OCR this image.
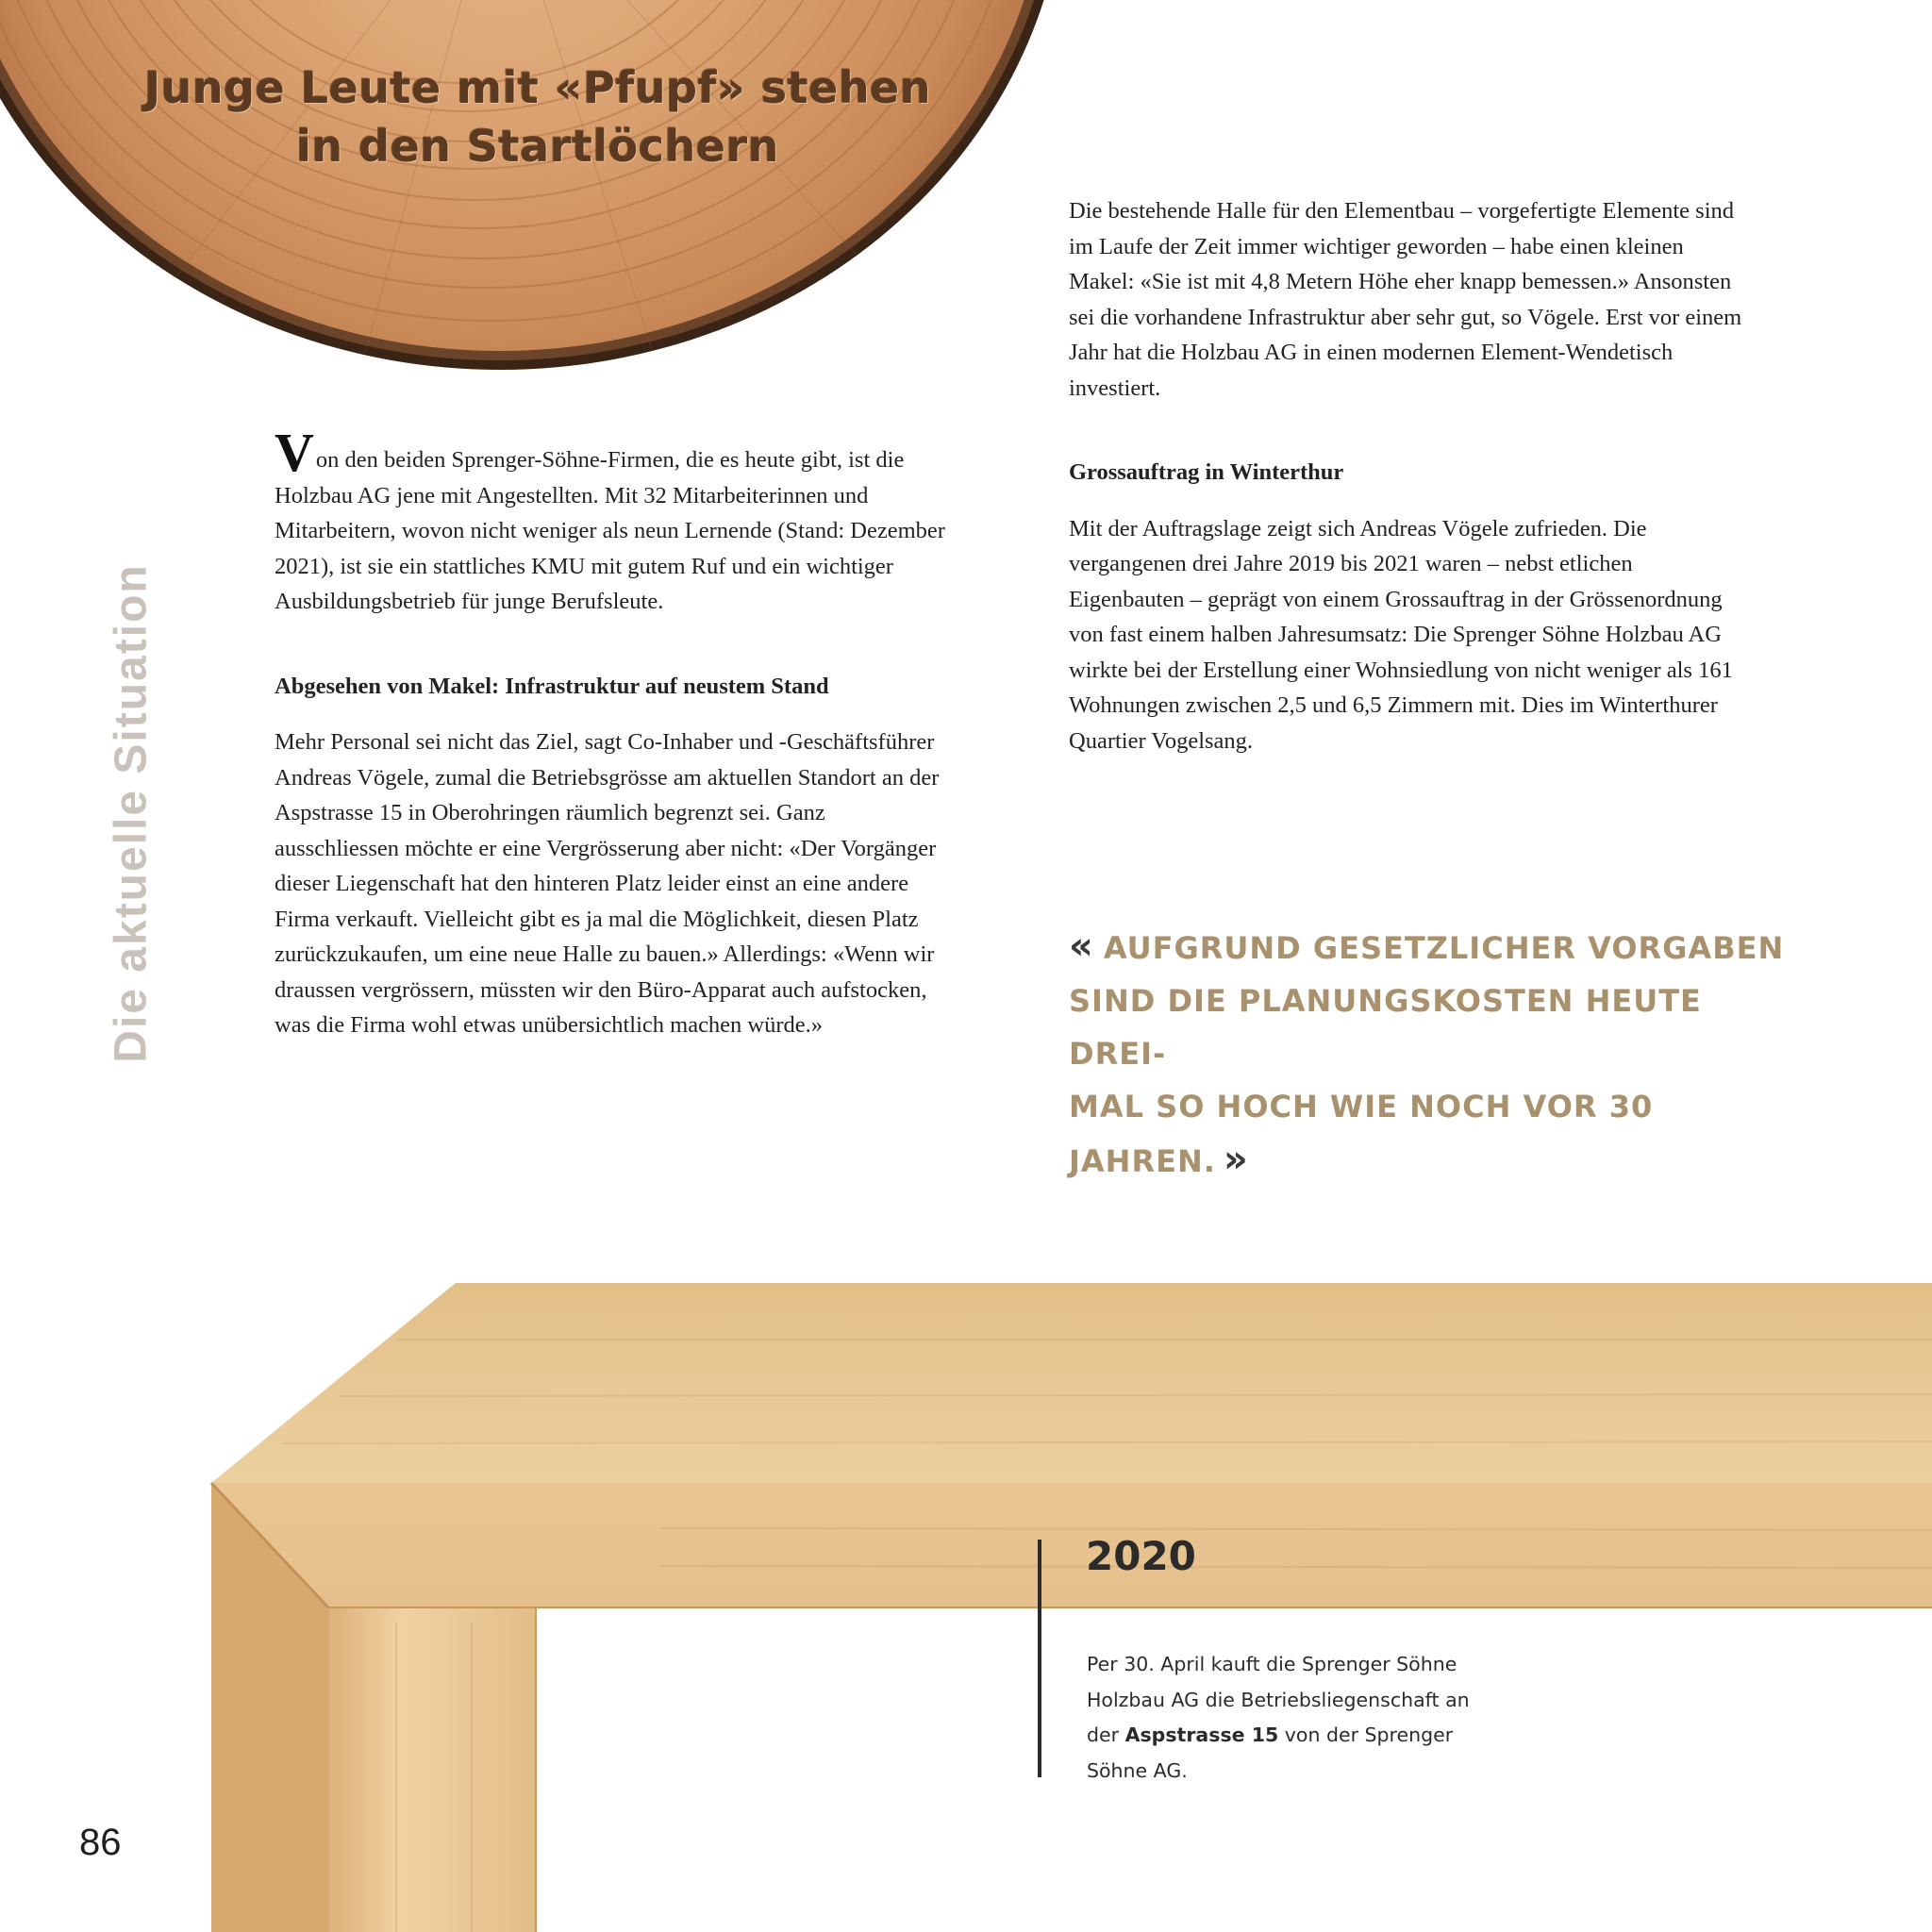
Junge Leute mit «Pfupf» stehen
in den Startlöchern
Die aktuelle Situation

Von den beiden Sprenger-Söhne-Firmen, die es heute gibt, ist die Holzbau AG jene mit Angestellten. Mit 32 Mitarbeiterinnen und Mitarbeitern, wovon nicht weniger als neun Lernende (Stand: Dezember 2021), ist sie ein stattliches KMU mit gutem Ruf und ein wichtiger Ausbildungsbetrieb für junge Berufsleute.

Abgesehen von Makel: Infrastruktur auf neustem Stand

Mehr Personal sei nicht das Ziel, sagt Co-Inhaber und -Geschäftsführer Andreas Vögele, zumal die Betriebsgrösse am aktuellen Standort an der Aspstrasse 15 in Oberohringen räumlich begrenzt sei. Ganz ausschliessen möchte er eine Vergrösserung aber nicht: «Der Vorgänger dieser Liegenschaft hat den hinteren Platz leider einst an eine andere Firma verkauft. Vielleicht gibt es ja mal die Möglichkeit, diesen Platz zurückzukaufen, um eine neue Halle zu bauen.» Allerdings: «Wenn wir draussen vergrössern, müssten wir den Büro-Apparat auch aufstocken, was die Firma wohl etwas unübersichtlich machen würde.»

Die bestehende Halle für den Elementbau – vorgefertigte Elemente sind im Laufe der Zeit immer wichtiger geworden – habe einen kleinen Makel: «Sie ist mit 4,8 Metern Höhe eher knapp bemessen.» Ansonsten sei die vorhandene Infrastruktur aber sehr gut, so Vögele. Erst vor einem Jahr hat die Holzbau AG in einen modernen Element-Wendetisch investiert.

Grossauftrag in Winterthur

Mit der Auftragslage zeigt sich Andreas Vögele zufrieden. Die vergangenen drei Jahre 2019 bis 2021 waren – nebst etlichen Eigenbauten – geprägt von einem Grossauftrag in der Grössenordnung von fast einem halben Jahresumsatz: Die Sprenger Söhne Holzbau AG wirkte bei der Erstellung einer Wohnsiedlung von nicht weniger als 161 Wohnungen zwischen 2,5 und 6,5 Zimmern mit. Dies im Winterthurer Quartier Vogelsang.

« AUFGRUND GESETZLICHER VORGABEN
SIND DIE PLANUNGSKOSTEN HEUTE DREI-
MAL SO HOCH WIE NOCH VOR 30 JAHREN. »
2020

Per 30. April kauft die Sprenger Söhne Holzbau AG die Betriebsliegenschaft an der Aspstrasse 15 von der Sprenger Söhne AG.

86
